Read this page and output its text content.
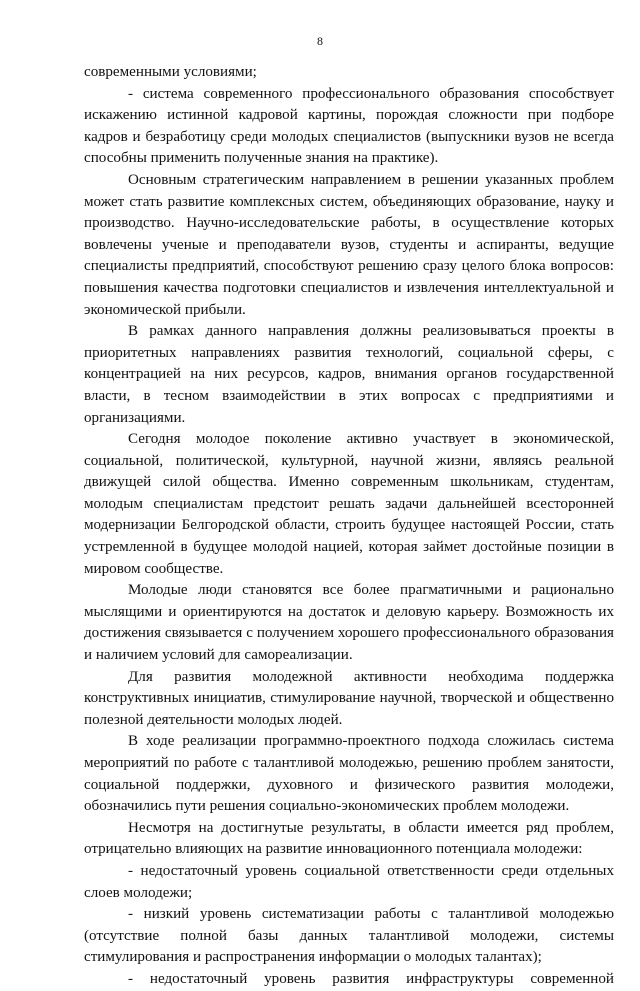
8

современными условиями;

- система современного профессионального образования способствует искажению истинной кадровой картины, порождая сложности при подборе кадров и безработицу среди молодых специалистов (выпускники вузов не всегда способны применить полученные знания на практике).

Основным стратегическим направлением в решении указанных проблем может стать развитие комплексных систем, объединяющих образование, науку и производство. Научно-исследовательские работы, в осуществление которых вовлечены ученые и преподаватели вузов, студенты и аспиранты, ведущие специалисты предприятий, способствуют решению сразу целого блока вопросов: повышения качества подготовки специалистов и извлечения интеллектуальной и экономической прибыли.

В рамках данного направления должны реализовываться проекты в приоритетных направлениях развития технологий, социальной сферы, с концентрацией на них ресурсов, кадров, внимания органов государственной власти, в тесном взаимодействии в этих вопросах с предприятиями и организациями.

Сегодня молодое поколение активно участвует в экономической, социальной, политической, культурной, научной жизни, являясь реальной движущей силой общества. Именно современным школьникам, студентам, молодым специалистам предстоит решать задачи дальнейшей всесторонней модернизации Белгородской области, строить будущее настоящей России, стать устремленной в будущее молодой нацией, которая займет достойные позиции в мировом сообществе.

Молодые люди становятся все более прагматичными и рационально мыслящими и ориентируются на достаток и деловую карьеру. Возможность их достижения связывается с получением хорошего профессионального образования и наличием условий для самореализации.

Для развития молодежной активности необходима поддержка конструктивных инициатив, стимулирование научной, творческой и общественно полезной деятельности молодых людей.

В ходе реализации программно-проектного подхода сложилась система мероприятий по работе с талантливой молодежью, решению проблем занятости, социальной поддержки, духовного и физического развития молодежи, обозначились пути решения социально-экономических проблем молодежи.

Несмотря на достигнутые результаты, в области имеется ряд проблем, отрицательно влияющих на развитие инновационного потенциала молодежи:

- недостаточный уровень социальной ответственности среди отдельных слоев молодежи;

- низкий уровень систематизации работы с талантливой молодежью (отсутствие полной базы данных талантливой молодежи, системы стимулирования и распространения информации о молодых талантах);

- недостаточный уровень развития инфраструктуры современной
